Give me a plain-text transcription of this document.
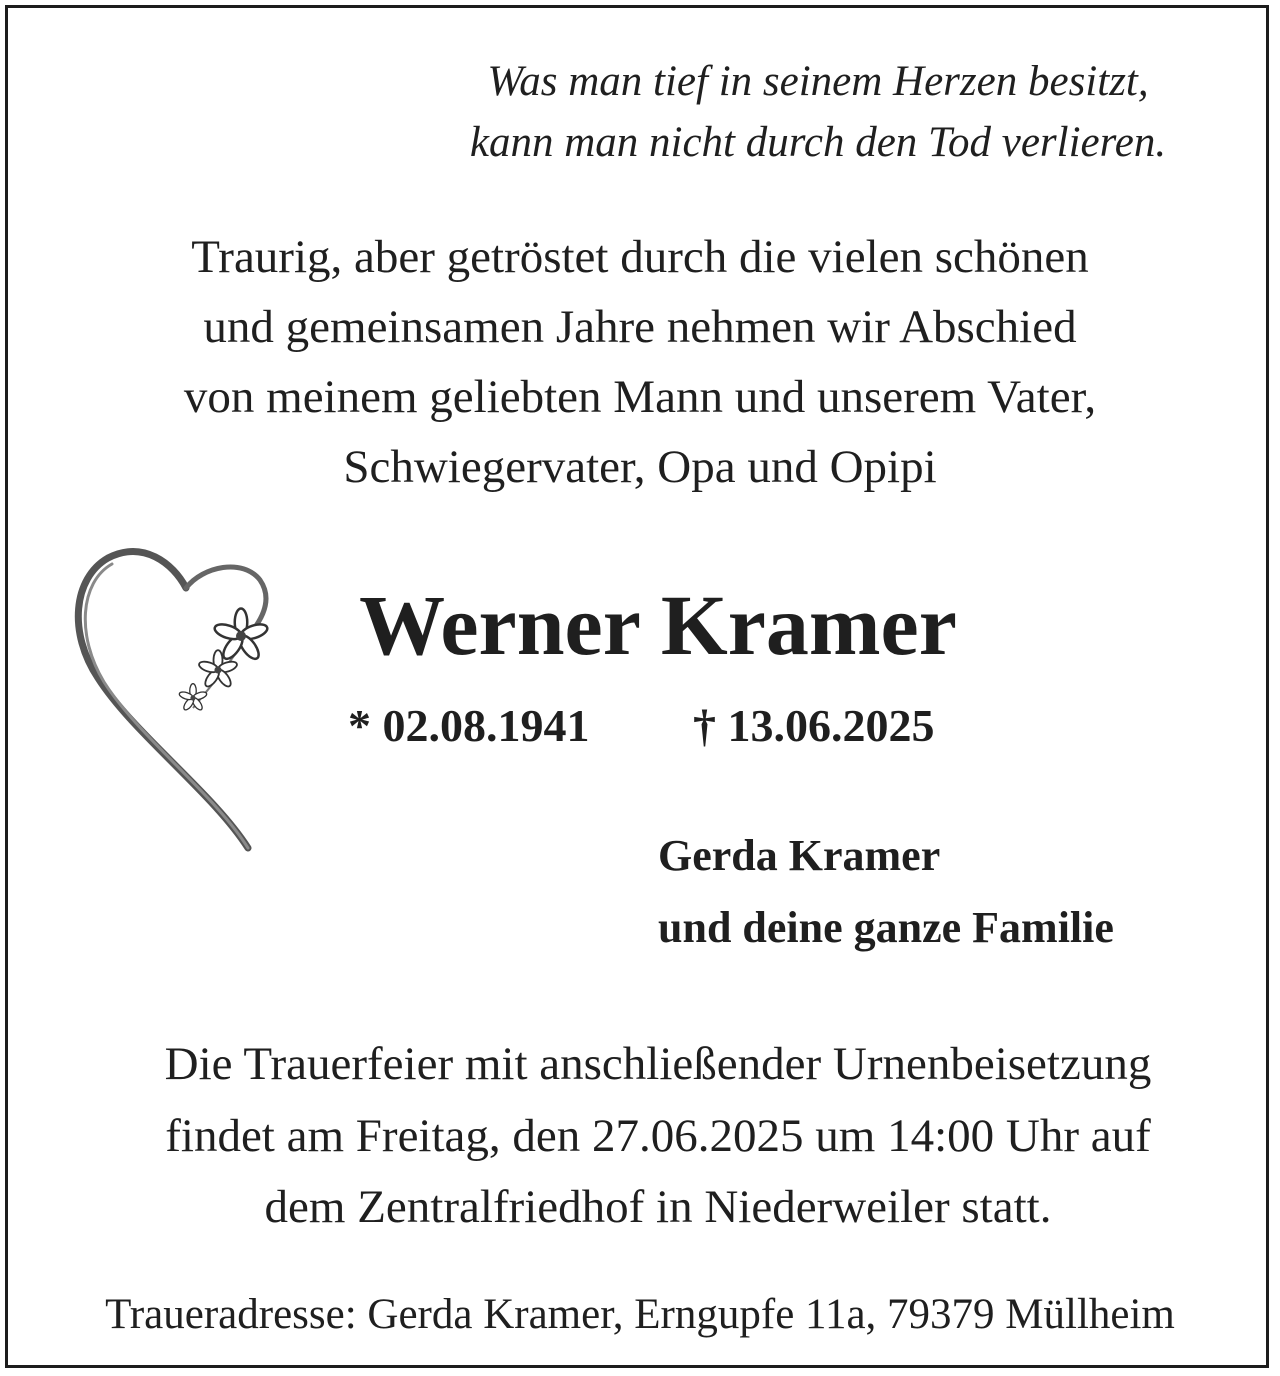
Was man tief in seinem Herzen besitzt,
kann man nicht durch den Tod verlieren.
Traurig, aber getröstet durch die vielen schönen
und gemeinsamen Jahre nehmen wir Abschied
von meinem geliebten Mann und unserem Vater,
Schwiegervater, Opa und Opipi
Werner Kramer
* 02.08.1941 † 13.06.2025
Gerda Kramer
und deine ganze Familie
Die Trauerfeier mit anschließender Urnenbeisetzung
findet am Freitag, den 27.06.2025 um 14:00 Uhr auf
dem Zentralfriedhof in Niederweiler statt.
Traueradresse: Gerda Kramer, Erngupfe 11a, 79379 Müllheim
